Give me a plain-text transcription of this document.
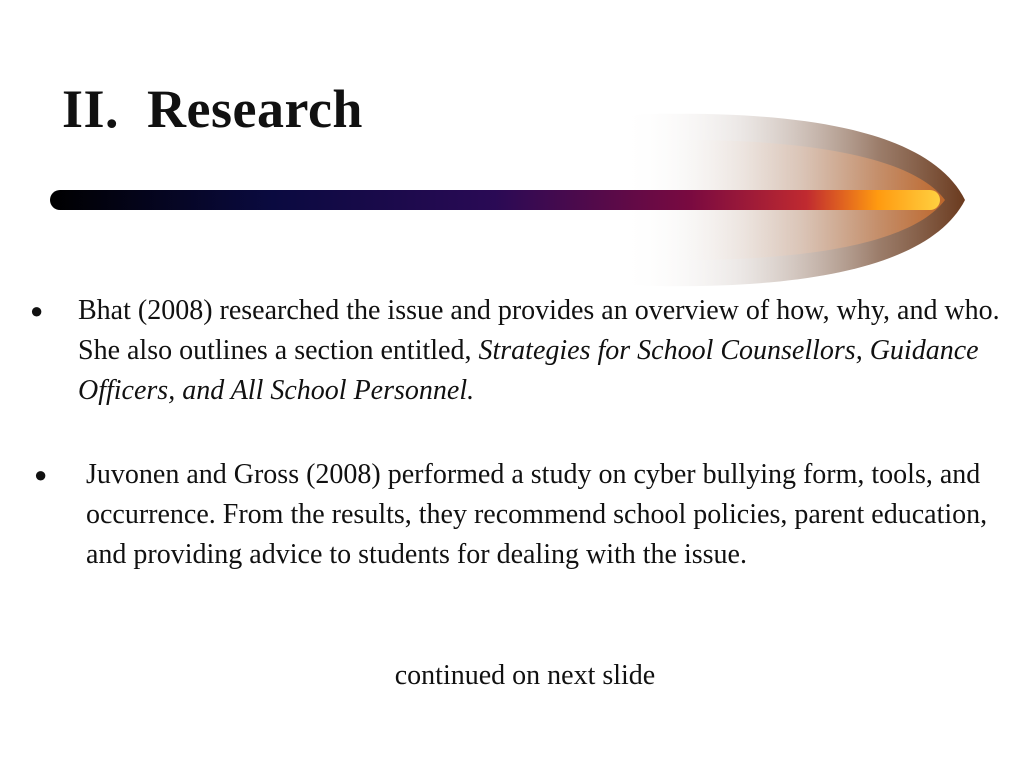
II.  Research
● Bhat (2008) researched the issue and provides an overview of how, why, and who. She also outlines a section entitled, Strategies for School Counsellors, Guidance Officers, and All School Personnel.
● Juvonen and Gross (2008) performed a study on cyber bullying form, tools, and occurrence. From the results, they recommend school policies, parent education, and providing advice to students for dealing with the issue.
continued on next slide
